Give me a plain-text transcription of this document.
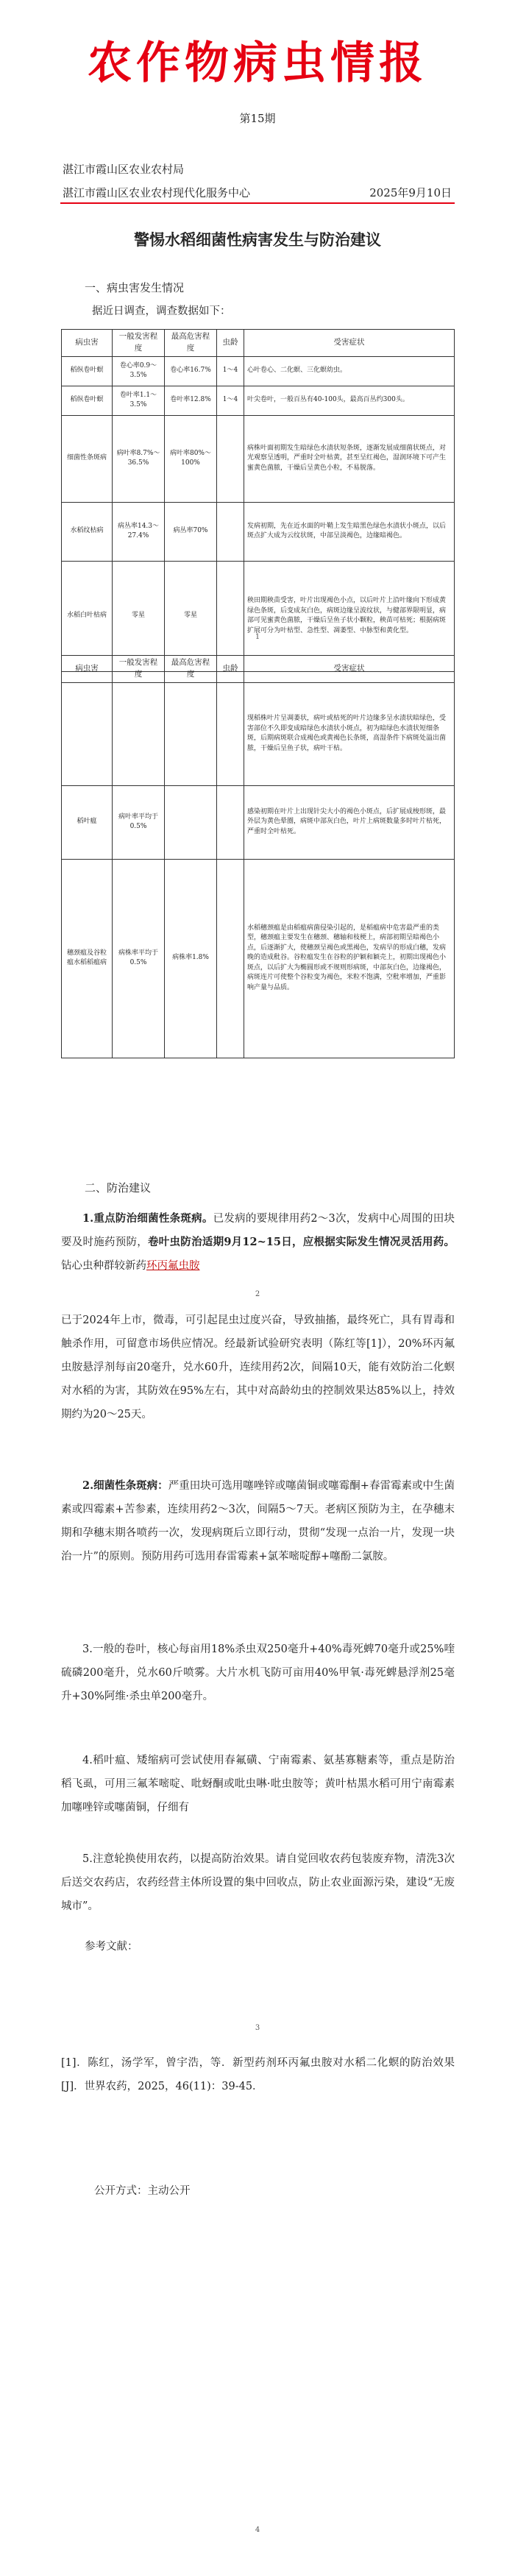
农作物病虫情报
第15期
湛江市霞山区农业农村局
湛江市霞山区农业农村现代化服务中心	2025年9月10日
警惕水稻细菌性病害发生与防治建议
一、病虫害发生情况
据近日调查，调查数据如下：
病虫害	一般发害程度	最高危害程度	虫龄	受害症状
稻纵卷叶螟	卷心率0.9～3.5%	卷心率16.7%	1～4	心叶卷心、二化螟、三化螟幼虫。
稻纵卷叶螟	卷叶率1.1～3.5%	卷叶率12.8%	1～4	叶尖卷叶，一般百丛有40-100头，最高百丛约300头。
细菌性条斑病	病叶率8.7%～36.5%	病叶率80%～100%		病株叶面初期发生暗绿色水渍状短条斑，逐渐发展成细菌状斑点，对光观察呈透明，严重时全叶枯黄，甚至呈红褐色，湿润环境下可产生蜜黄色菌脓，干燥后呈黄色小粒，不易脱落。
水稻纹枯病	病丛率14.3～27.4%	病丛率70%		发病初期，先在近水面的叶鞘上发生暗黑色绿色水渍状小斑点，以后斑点扩大成为云纹状斑，中部呈淡褐色，边缘暗褐色。
水稻白叶枯病	零星	零星		秧田期秧苗受害，叶片出现褐色小点，以后叶片上沿叶缘向下形成黄绿色条斑，后变成灰白色，病斑边缘呈波纹状，与健部界限明显，病部可见蜜黄色菌脓，干燥后呈鱼子状小颗粒，秧苗可枯死；根据病斑扩展可分为叶枯型、急性型、凋萎型、中脉型和黄化型。
1
病虫害	一般发害程度	最高危害程度	虫龄	受害症状
				现稻株叶片呈凋萎状，病叶或枯死的叶片边缘多呈水渍状暗绿色，受害部位不久即变成暗绿色水渍状小斑点，初为暗绿色水渍状短细条斑，后期病斑联合成褐色或黄褐色长条斑，高湿条件下病斑处溢出菌脓，干燥后呈鱼子状，病叶干枯。
稻叶瘟	病叶率平均于0.5%			感染初期在叶片上出现针尖大小的褐色小斑点，后扩展成梭形斑，最外层为黄色晕圈，病斑中部灰白色，叶片上病斑数量多时叶片枯死，严重时全叶枯死。
穗颈瘟及谷粒瘟水稻稻瘟病	病株率平均于0.5%	病株率1.8%		水稻穗颈瘟是由稻瘟病菌侵染引起的，是稻瘟病中危害最严重的类型，穗颈瘟主要发生在穗颈、穗轴和枝梗上，病部初期呈暗褐色小点，后逐渐扩大，使穗颈呈褐色或黑褐色，发病早的形成白穗，发病晚的造成秕谷。谷粒瘟发生在谷粒的护颖和颖壳上，初期出现褐色小斑点，以后扩大为椭圆形或不规则形病斑，中部灰白色，边缘褐色，病斑连片可使整个谷粒变为褐色，米粒不饱满，空秕率增加，严重影响产量与品质。
二、防治建议
1.重点防治细菌性条斑病。已发病的要规律用药2～3次，发病中心周围的田块要及时施药预防，卷叶虫防治适期9月12~15日，应根据实际发生情况灵活用药。钻心虫种群较新药环丙氟虫胺
2
已于2024年上市，微毒，可引起昆虫过度兴奋，导致抽搐，最终死亡，具有胃毒和触杀作用，可留意市场供应情况。经最新试验研究表明（陈红等[1]），20%环丙氟虫胺悬浮剂每亩20毫升，兑水60升，连续用药2次，间隔10天，能有效防治二化螟对水稻的为害，其防效在95%左右，其中对高龄幼虫的控制效果达85%以上，持效期约为20～25天。
2.细菌性条斑病：严重田块可选用噻唑锌或噻菌铜或噻霉酮+春雷霉素或中生菌素或四霉素+苦参素，连续用药2～3次，间隔5～7天。老病区预防为主，在孕穗末期和孕穗末期各喷药一次，发现病斑后立即行动，贯彻“发现一点治一片，发现一块治一片”的原则。预防用药可选用春雷霉素+氯苯嘧啶醇+噻酚二氯胺。
3.一般的卷叶，核心每亩用18%杀虫双250毫升+40%毒死蜱70毫升或25%喹硫磷200毫升，兑水60斤喷雾。大片水机飞防可亩用40%甲氧·毒死蜱悬浮剂25毫升+30%阿维·杀虫单200毫升。
4.稻叶瘟、矮缩病可尝试使用春氟磺、宁南霉素、氨基寡糖素等，重点是防治稻飞虱，可用三氟苯嘧啶、吡蚜酮或吡虫啉·吡虫胺等；黄叶枯黑水稻可用宁南霉素加噻唑锌或噻菌铜，仔细有
5.注意轮换使用农药，以提高防治效果。请自觉回收农药包装废弃物，清洗3次后送交农药店，农药经营主体所设置的集中回收点，防止农业面源污染，建设“无废城市”。
参考文献：
3
[1]．陈红，汤学军，曾宇浩，等．新型药剂环丙氟虫胺对水稻二化螟的防治效果[J]．世界农药，2025，46(11)：39-45．
公开方式：主动公开
4
